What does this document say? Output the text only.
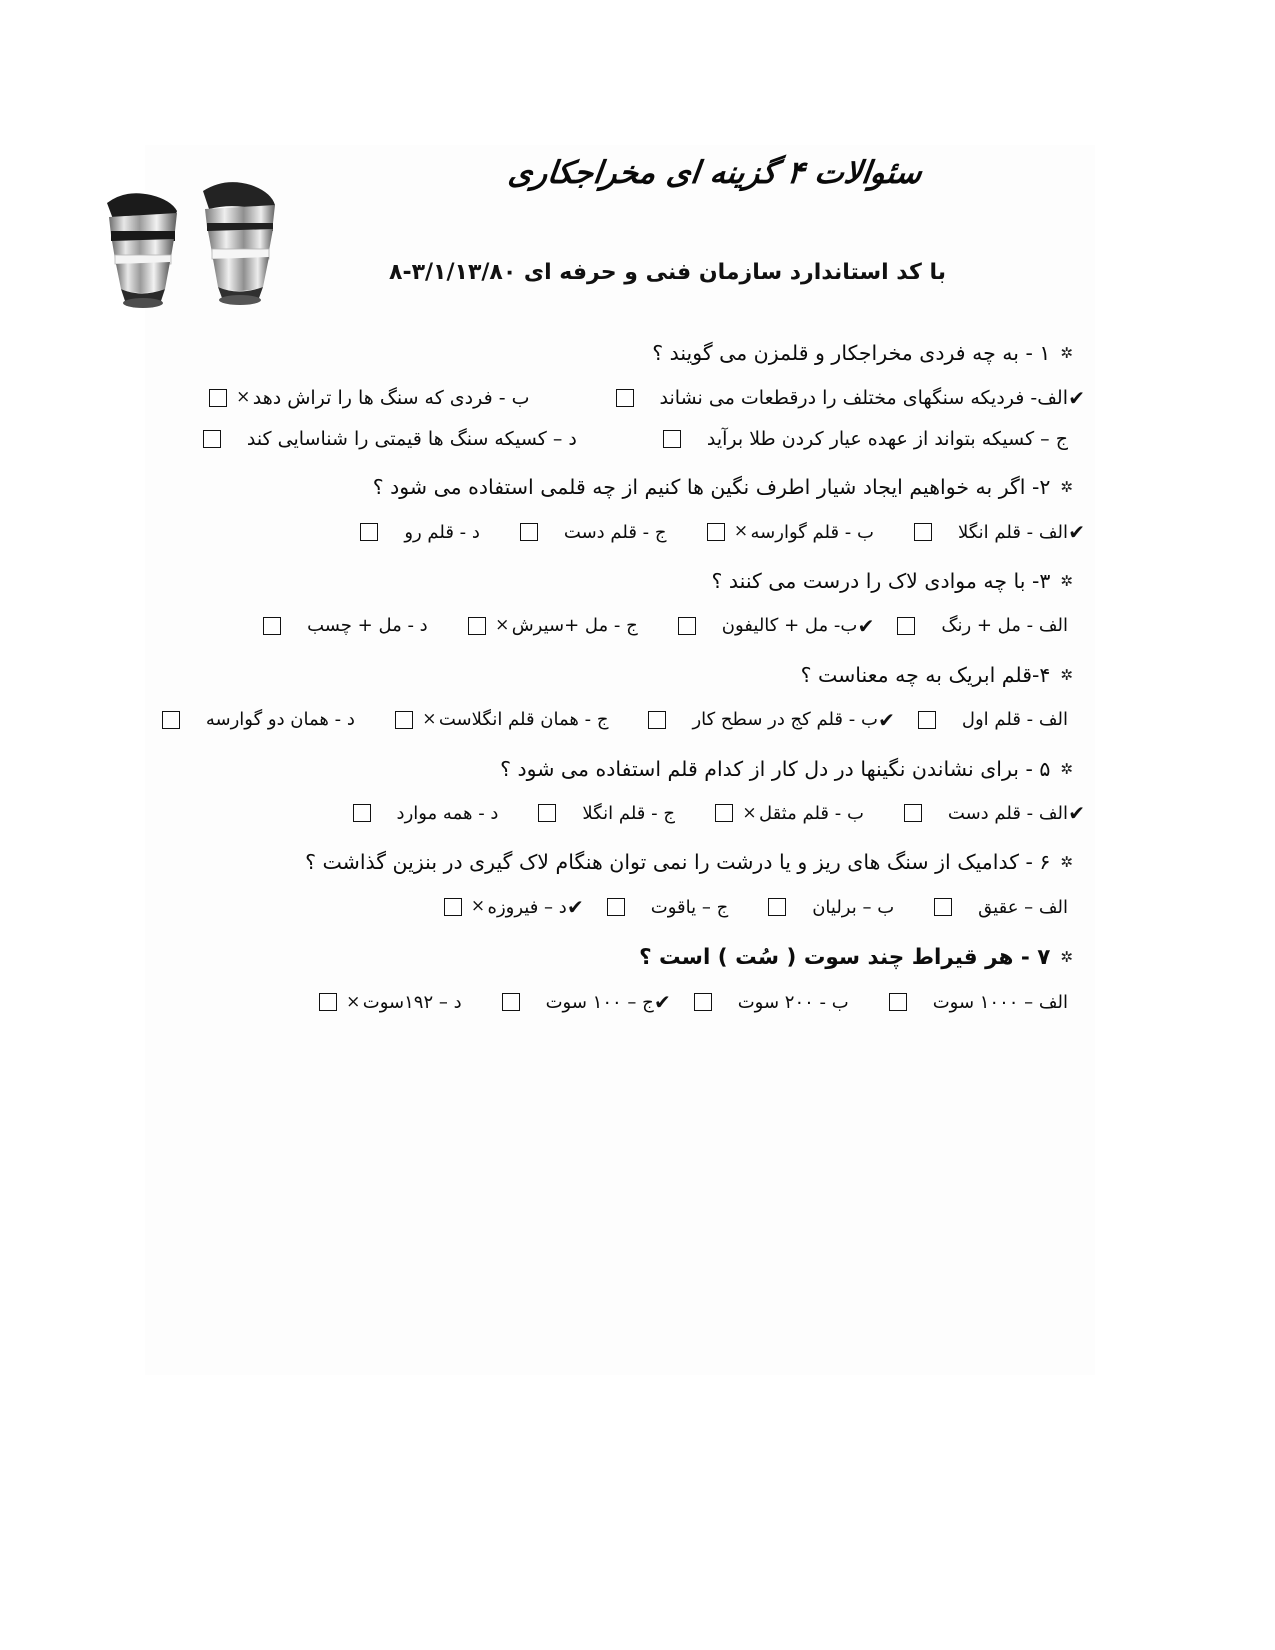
سئوالات ۴ گزینه ای مخراجکاری
با کد استاندارد سازمان فنی و حرفه ای ۳/۱/۱۳/۸۰-۸
✲
۱ - به چه فردی مخراجکار و قلمزن می گویند ؟
✔
الف- فردیکه سنگهای مختلف را درقطعات می نشاند
ب - فردی که سنگ ها را تراش دهد
×
ج – کسیکه بتواند از عهده عیار کردن طلا برآید
د – کسیکه سنگ ها قیمتی را شناسایی کند
✲
۲- اگر به خواهیم ایجاد شیار اطرف نگین ها کنیم از چه قلمی استفاده می شود ؟
✔
الف - قلم انگلا
ب - قلم گوارسه
×
ج - قلم دست
د - قلم رو
✲
۳- با چه موادی لاک را درست می کنند ؟
الف - مل + رنگ
✔
ب- مل + کالیفون
ج - مل +سیرش
×
د - مل + چسب
✲
۴-قلم ابریک به چه معناست ؟
الف - قلم اول
✔
ب - قلم کج در سطح کار
ج - همان قلم انگلاست
×
د - همان دو گوارسه
✲
۵ - برای نشاندن نگینها در دل کار از کدام قلم استفاده می شود ؟
✔
الف - قلم دست
ب - قلم مثقل
×
ج - قلم انگلا
د - همه موارد
✲
۶ - کدامیک از سنگ های ریز و یا درشت را نمی توان هنگام لاک گیری در بنزین گذاشت ؟
الف – عقیق
ب – برلیان
ج – یاقوت
✔
د – فیروزه
×
✲
۷ - هر قیراط چند سوت ( سُت ) است ؟
الف – ۱۰۰۰ سوت
ب - ۲۰۰ سوت
✔
ج – ۱۰۰ سوت
د – ۱۹۲سوت
×
